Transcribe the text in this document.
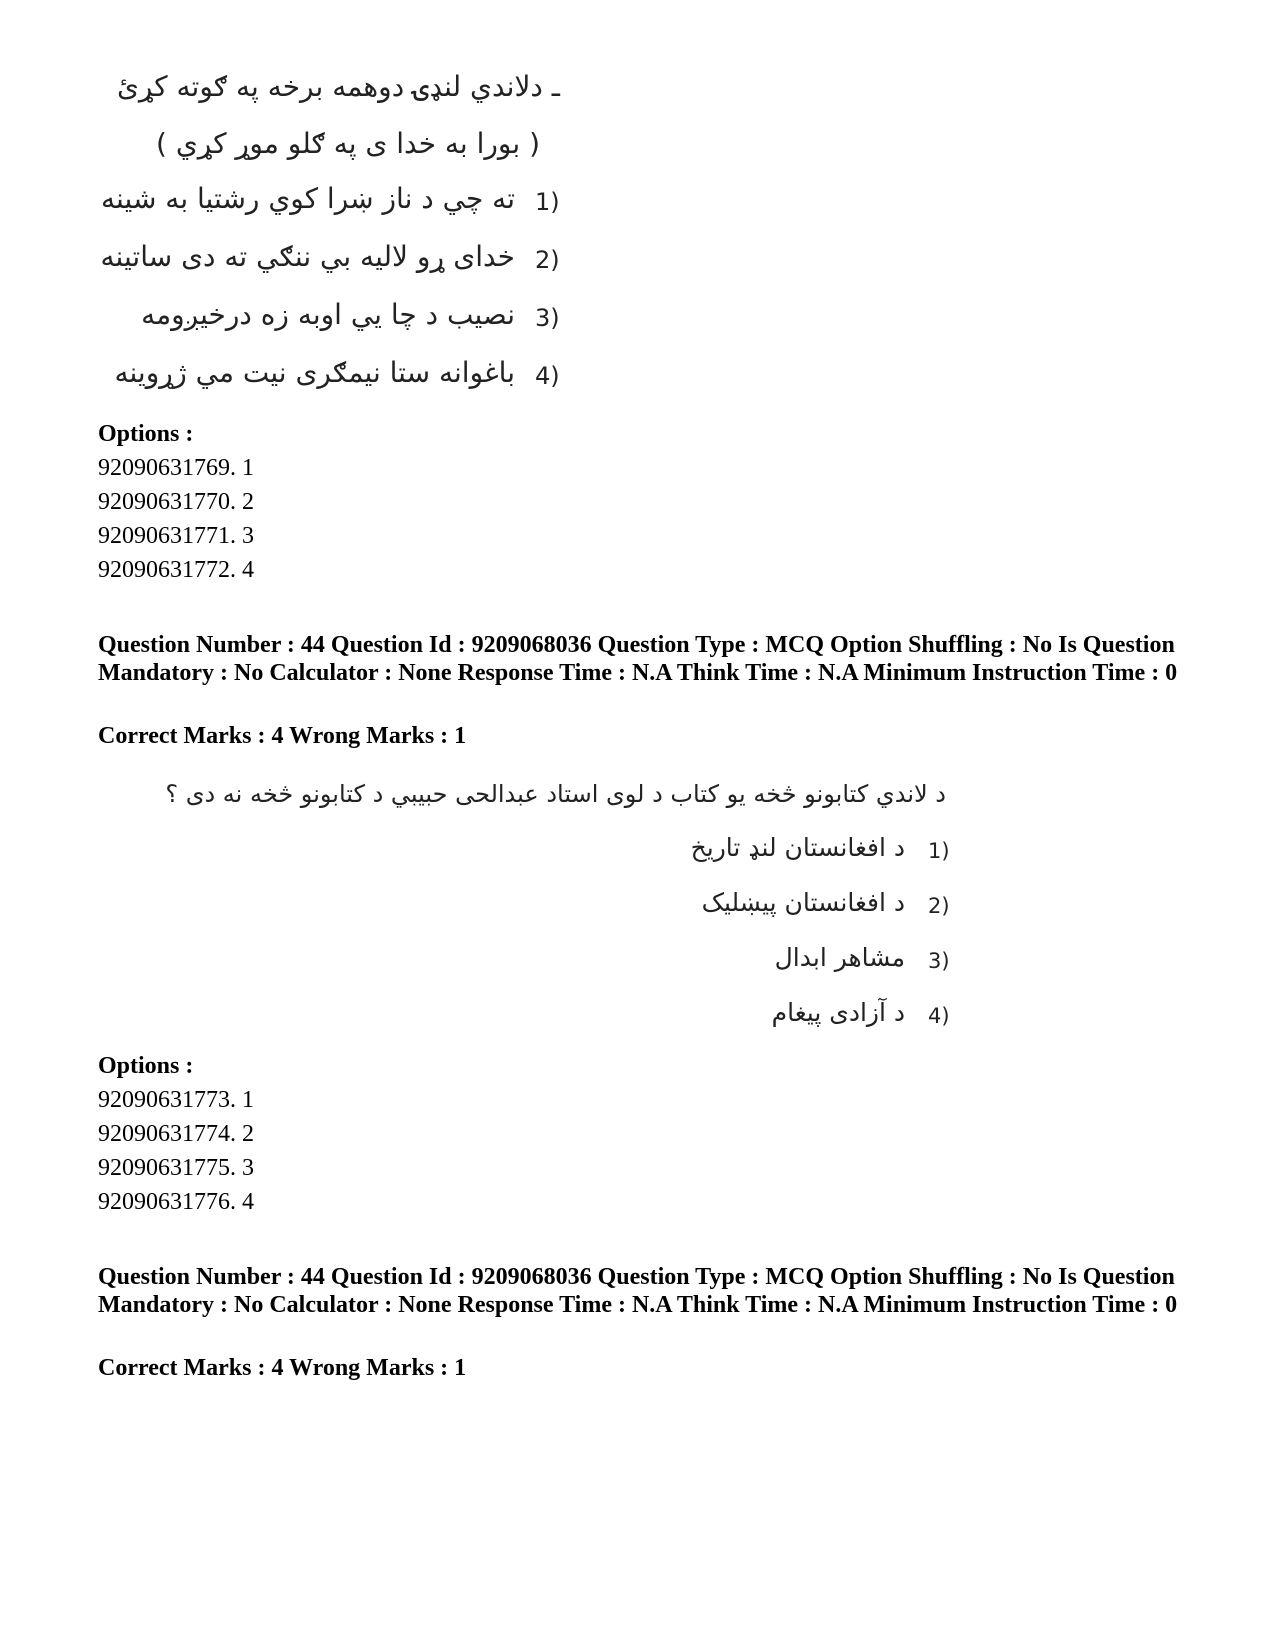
ـ دلاندي لنډۍ دوهمه برخه په ګوته کړئ
( بورا به خدا ی په ګلو موړ کړي )
1)
ته چي د ناز ښرا کوي رشتيا به شينه
2)
خداى ړو لاليه بي ننګي ته دى ساتينه
3)
نصيب د چا يي اوبه زه درخيږومه
4)
باغوانه ستا نيمګرى نيت مي ژړوينه
Options :
92090631769. 1
92090631770. 2
92090631771. 3
92090631772. 4
Question Number : 44 Question Id : 9209068036 Question Type : MCQ Option Shuffling : No Is Question Mandatory : No Calculator : None Response Time : N.A Think Time : N.A Minimum Instruction Time : 0
Correct Marks : 4 Wrong Marks : 1
د لاندي کتابونو څخه يو کتاب د لوى استاد عبدالحى حبيبي د کتابونو څخه نه دى ؟
1)
د افغانستان لنډ تاريخ
2)
د افغانستان پيښليک
3)
مشاهر ابدال
4)
د آزادى پيغام
Options :
92090631773. 1
92090631774. 2
92090631775. 3
92090631776. 4
Question Number : 44 Question Id : 9209068036 Question Type : MCQ Option Shuffling : No Is Question Mandatory : No Calculator : None Response Time : N.A Think Time : N.A Minimum Instruction Time : 0
Correct Marks : 4 Wrong Marks : 1
